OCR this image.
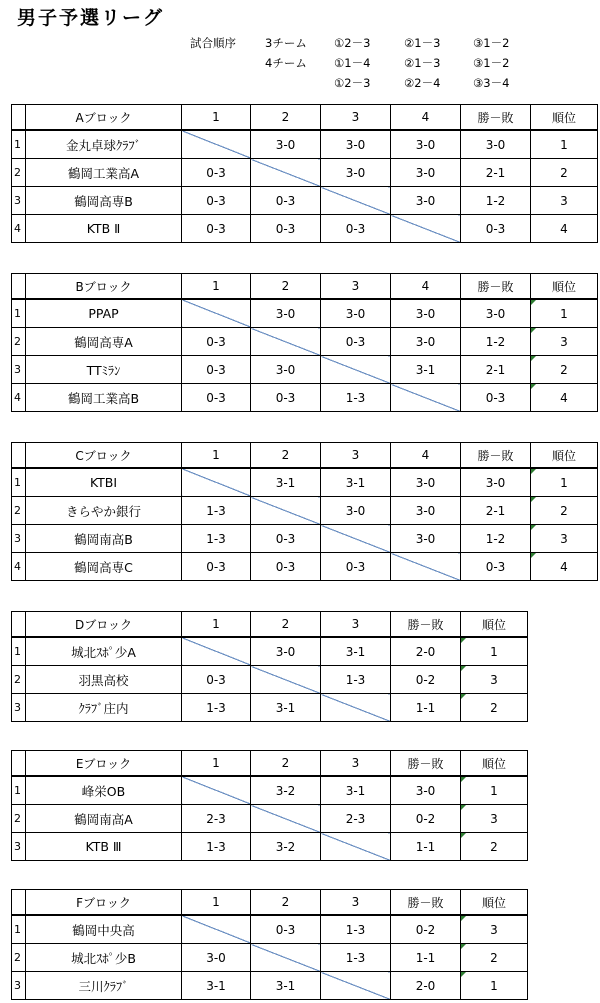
男子予選リーグ
試合順序	3チーム ①2－3	②1－3	③1－2
4チーム ①1－4	②1－3	③1－2
①2－3	②2－4	③3－4
	Aブロック	1	2	3	4	勝－敗	順位
1	金丸卓球ｸﾗﾌﾞ		3-0	3-0	3-0	3-0	1
2	鶴岡工業高A	0-3		3-0	3-0	2-1	2
3	鶴岡高専B	0-3	0-3		3-0	1-2	3
4	KTB Ⅱ	0-3	0-3	0-3		0-3	4
	Bブロック	1	2	3	4	勝－敗	順位
1	PPAP		3-0	3-0	3-0	3-0	1
2	鶴岡高専A	0-3		0-3	3-0	1-2	3
3	TTﾐﾗﾝ	0-3	3-0		3-1	2-1	2
4	鶴岡工業高B	0-3	0-3	1-3		0-3	4
	Cブロック	1	2	3	4	勝－敗	順位
1	KTBⅠ		3-1	3-1	3-0	3-0	1
2	きらやか銀行	1-3		3-0	3-0	2-1	2
3	鶴岡南高B	1-3	0-3		3-0	1-2	3
4	鶴岡高専C	0-3	0-3	0-3		0-3	4
	Dブロック	1	2	3	勝－敗	順位
1	城北ｽﾎﾟ少A		3-0	3-1	2-0	1
2	羽黒高校	0-3		1-3	0-2	3
3	ｸﾗﾌﾞ庄内	1-3	3-1		1-1	2
	Eブロック	1	2	3	勝－敗	順位
1	峰栄OB		3-2	3-1	3-0	1
2	鶴岡南高A	2-3		2-3	0-2	3
3	KTB Ⅲ	1-3	3-2		1-1	2
	Fブロック	1	2	3	勝－敗	順位
1	鶴岡中央高		0-3	1-3	0-2	3
2	城北ｽﾎﾟ少B	3-0		1-3	1-1	2
3	三川ｸﾗﾌﾞ	3-1	3-1		2-0	1
